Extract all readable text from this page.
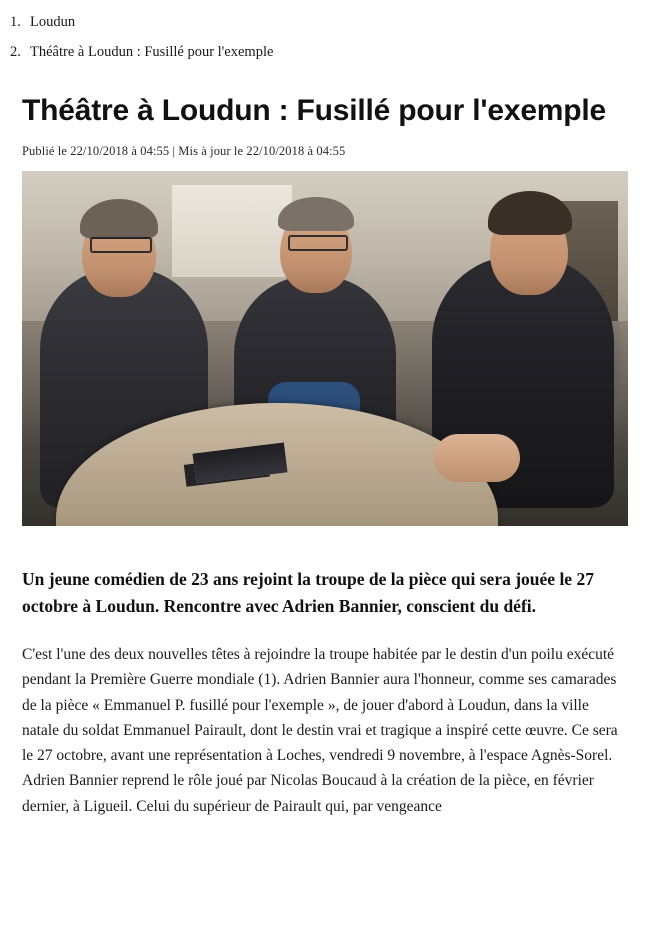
Loudun
Théâtre à Loudun : Fusillé pour l'exemple
Théâtre à Loudun : Fusillé pour l'exemple
Publié le 22/10/2018 à 04:55 | Mis à jour le 22/10/2018 à 04:55

Un jeune comédien de 23 ans rejoint la troupe de la pièce qui sera jouée le 27 octobre à Loudun. Rencontre avec Adrien Bannier, conscient du défi.

C'est l'une des deux nouvelles têtes à rejoindre la troupe habitée par le destin d'un poilu exécuté pendant la Première Guerre mondiale (1). Adrien Bannier aura l'honneur, comme ses camarades de la pièce « Emmanuel P. fusillé pour l'exemple », de jouer d'abord à Loudun, dans la ville natale du soldat Emmanuel Pairault, dont le destin vrai et tragique a inspiré cette œuvre. Ce sera le 27 octobre, avant une représentation à Loches, vendredi 9 novembre, à l'espace Agnès-Sorel.

Adrien Bannier reprend le rôle joué par Nicolas Boucaud à la création de la pièce, en février dernier, à Ligueil. Celui du supérieur de Pairault qui, par vengeance
